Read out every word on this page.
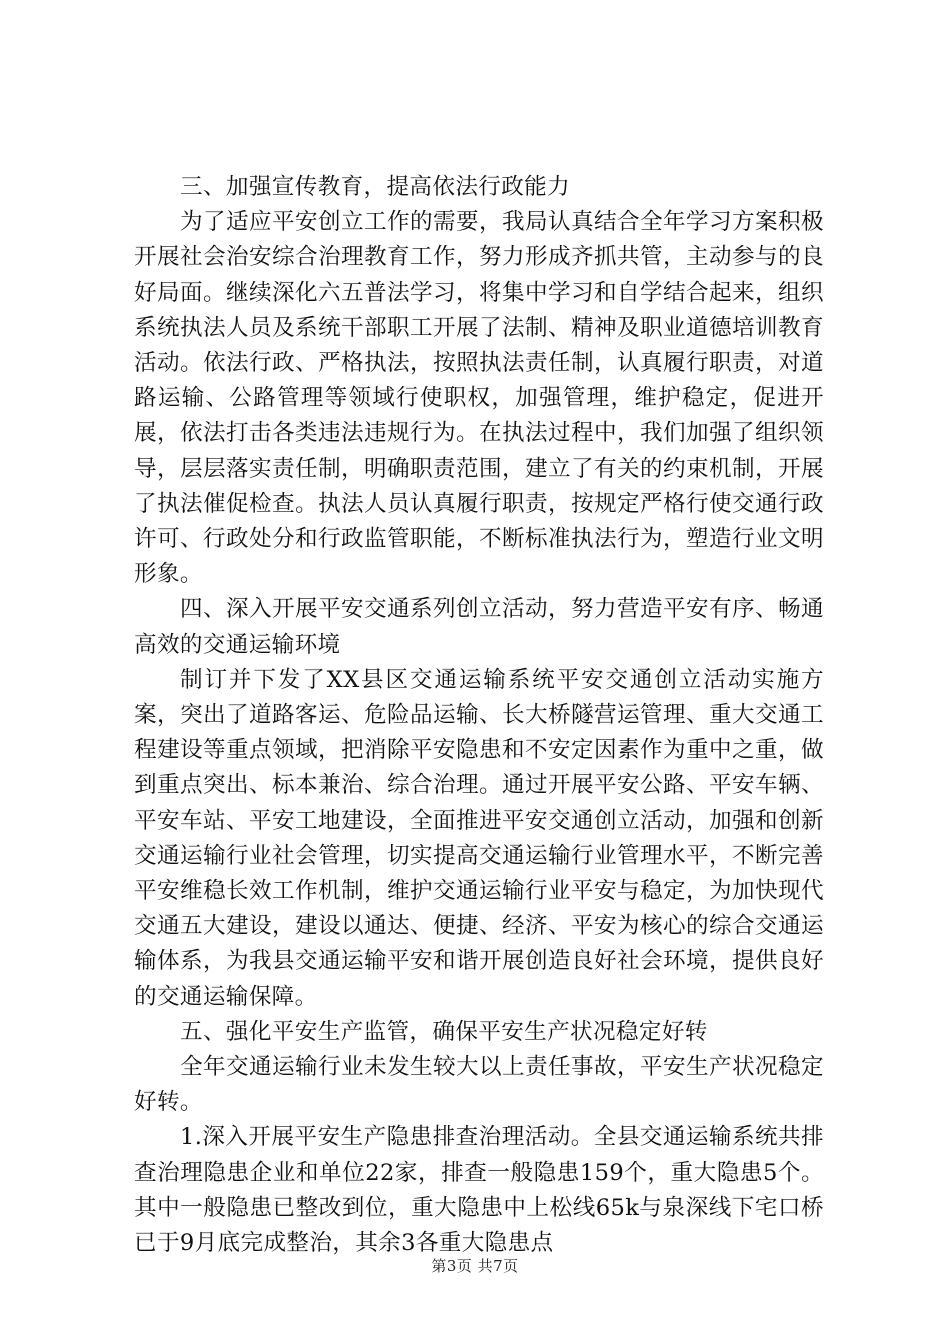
三、加强宣传教育，提高依法行政能力

为了适应平安创立工作的需要，我局认真结合全年学习方案积极开展社会治安综合治理教育工作，努力形成齐抓共管，主动参与的良好局面。继续深化六五普法学习，将集中学习和自学结合起来，组织系统执法人员及系统干部职工开展了法制、精神及职业道德培训教育活动。依法行政、严格执法，按照执法责任制，认真履行职责，对道路运输、公路管理等领域行使职权，加强管理，维护稳定，促进开展，依法打击各类违法违规行为。在执法过程中，我们加强了组织领导，层层落实责任制，明确职责范围，建立了有关的约束机制，开展了执法催促检查。执法人员认真履行职责，按规定严格行使交通行政许可、行政处分和行政监管职能，不断标准执法行为，塑造行业文明形象。

四、深入开展平安交通系列创立活动，努力营造平安有序、畅通高效的交通运输环境

制订并下发了XX县区交通运输系统平安交通创立活动实施方案，突出了道路客运、危险品运输、长大桥隧营运管理、重大交通工程建设等重点领域，把消除平安隐患和不安定因素作为重中之重，做到重点突出、标本兼治、综合治理。通过开展平安公路、平安车辆、平安车站、平安工地建设，全面推进平安交通创立活动，加强和创新交通运输行业社会管理，切实提高交通运输行业管理水平，不断完善平安维稳长效工作机制，维护交通运输行业平安与稳定，为加快现代交通五大建设，建设以通达、便捷、经济、平安为核心的综合交通运输体系，为我县交通运输平安和谐开展创造良好社会环境，提供良好的交通运输保障。

五、强化平安生产监管，确保平安生产状况稳定好转

全年交通运输行业未发生较大以上责任事故，平安生产状况稳定好转。

1.深入开展平安生产隐患排查治理活动。全县交通运输系统共排查治理隐患企业和单位22家，排查一般隐患159个，重大隐患5个。其中一般隐患已整改到位，重大隐患中上松线65k与泉深线下宅口桥已于9月底完成整治，其余3各重大隐患点

第3页 共7页
